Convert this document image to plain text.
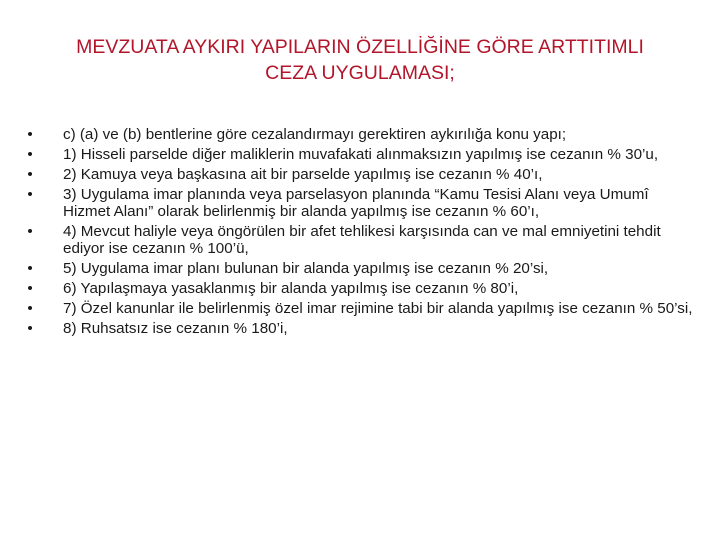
MEVZUATA AYKIRI YAPILARIN ÖZELLİĞİNE GÖRE ARTTITIMLI
CEZA UYGULAMASI;
• c) (a) ve (b) bentlerine göre cezalandırmayı gerektiren aykırılığa konu yapı;
• 1) Hisseli parselde diğer maliklerin muvafakati alınmaksızın yapılmış ise cezanın % 30’u,
• 2) Kamuya veya başkasına ait bir parselde yapılmış ise cezanın % 40’ı,
• 3) Uygulama imar planında veya parselasyon planında “Kamu Tesisi Alanı veya Umumî Hizmet Alanı” olarak belirlenmiş bir alanda yapılmış ise cezanın % 60’ı,
• 4) Mevcut haliyle veya öngörülen bir afet tehlikesi karşısında can ve mal emniyetini tehdit ediyor ise cezanın % 100’ü,
• 5) Uygulama imar planı bulunan bir alanda yapılmış ise cezanın % 20’si,
• 6) Yapılaşmaya yasaklanmış bir alanda yapılmış ise cezanın % 80’i,
• 7) Özel kanunlar ile belirlenmiş özel imar rejimine tabi bir alanda yapılmış ise cezanın % 50’si,
• 8) Ruhsatsız ise cezanın % 180’i,
